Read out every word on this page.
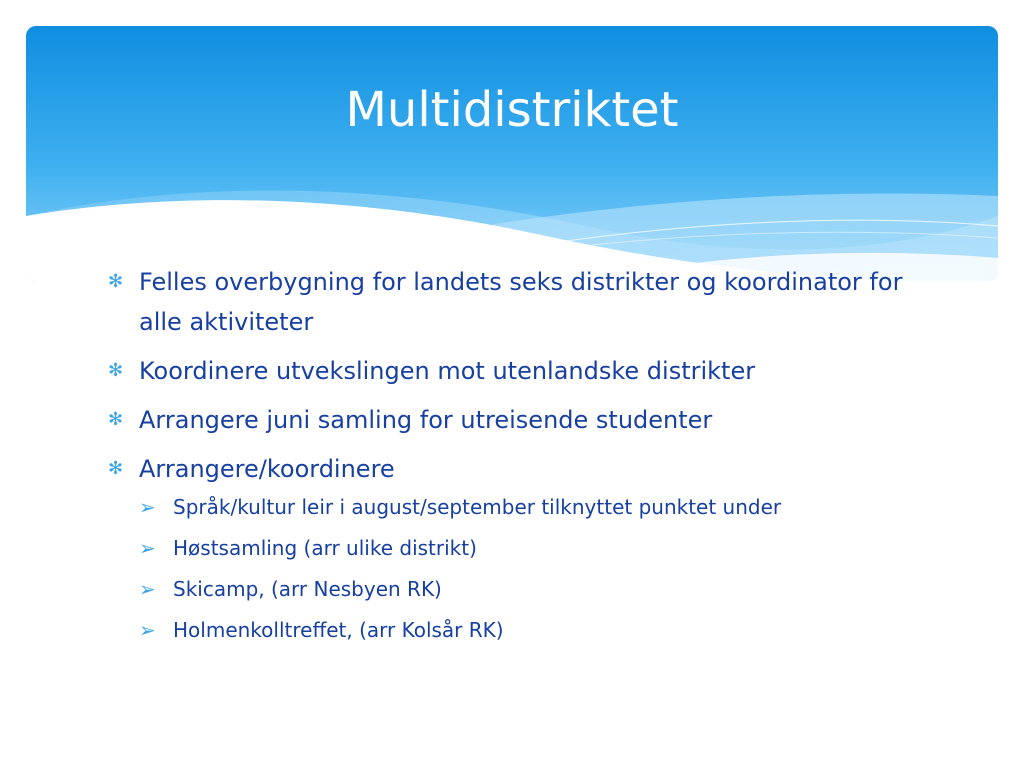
Multidistriktet
✻ Felles overbygning for landets seks distrikter og koordinator for alle aktiviteter
✻ Koordinere utvekslingen mot utenlandske distrikter
✻ Arrangere juni samling for utreisende studenter
✻ Arrangere/koordinere
➢ Språk/kultur leir i august/september tilknyttet punktet under
➢ Høstsamling (arr ulike distrikt)
➢ Skicamp, (arr Nesbyen RK)
➢ Holmenkolltreffet, (arr Kolsår RK)
